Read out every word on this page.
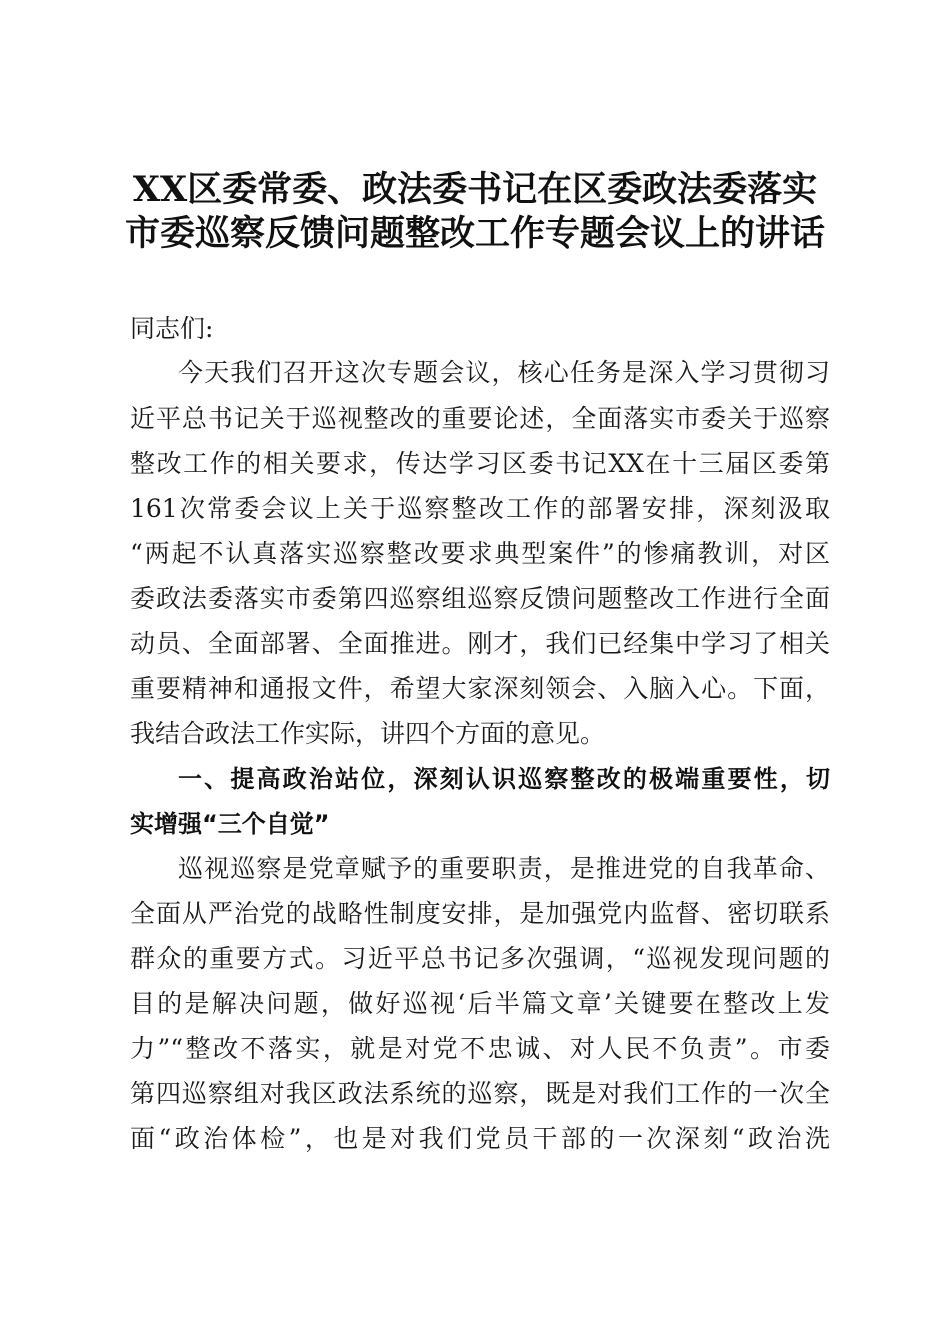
XX区委常委、政法委书记在区委政法委落实
市委巡察反馈问题整改工作专题会议上的讲话
同志们:
今天我们召开这次专题会议，核心任务是深入学习贯彻习
近平总书记关于巡视整改的重要论述，全面落实市委关于巡察
整改工作的相关要求，传达学习区委书记XX在十三届区委第
161次常委会议上关于巡察整改工作的部署安排，深刻汲取
“两起不认真落实巡察整改要求典型案件”的惨痛教训，对区
委政法委落实市委第四巡察组巡察反馈问题整改工作进行全面
动员、全面部署、全面推进。刚才，我们已经集中学习了相关
重要精神和通报文件，希望大家深刻领会、入脑入心。下面，
我结合政法工作实际，讲四个方面的意见。
一、提高政治站位，深刻认识巡察整改的极端重要性，切
实增强“三个自觉”
巡视巡察是党章赋予的重要职责，是推进党的自我革命、
全面从严治党的战略性制度安排，是加强党内监督、密切联系
群众的重要方式。习近平总书记多次强调，“巡视发现问题的
目的是解决问题，做好巡视‘后半篇文章’关键要在整改上发
力”“整改不落实，就是对党不忠诚、对人民不负责”。市委
第四巡察组对我区政法系统的巡察，既是对我们工作的一次全
面“政治体检”，也是对我们党员干部的一次深刻“政治洗
